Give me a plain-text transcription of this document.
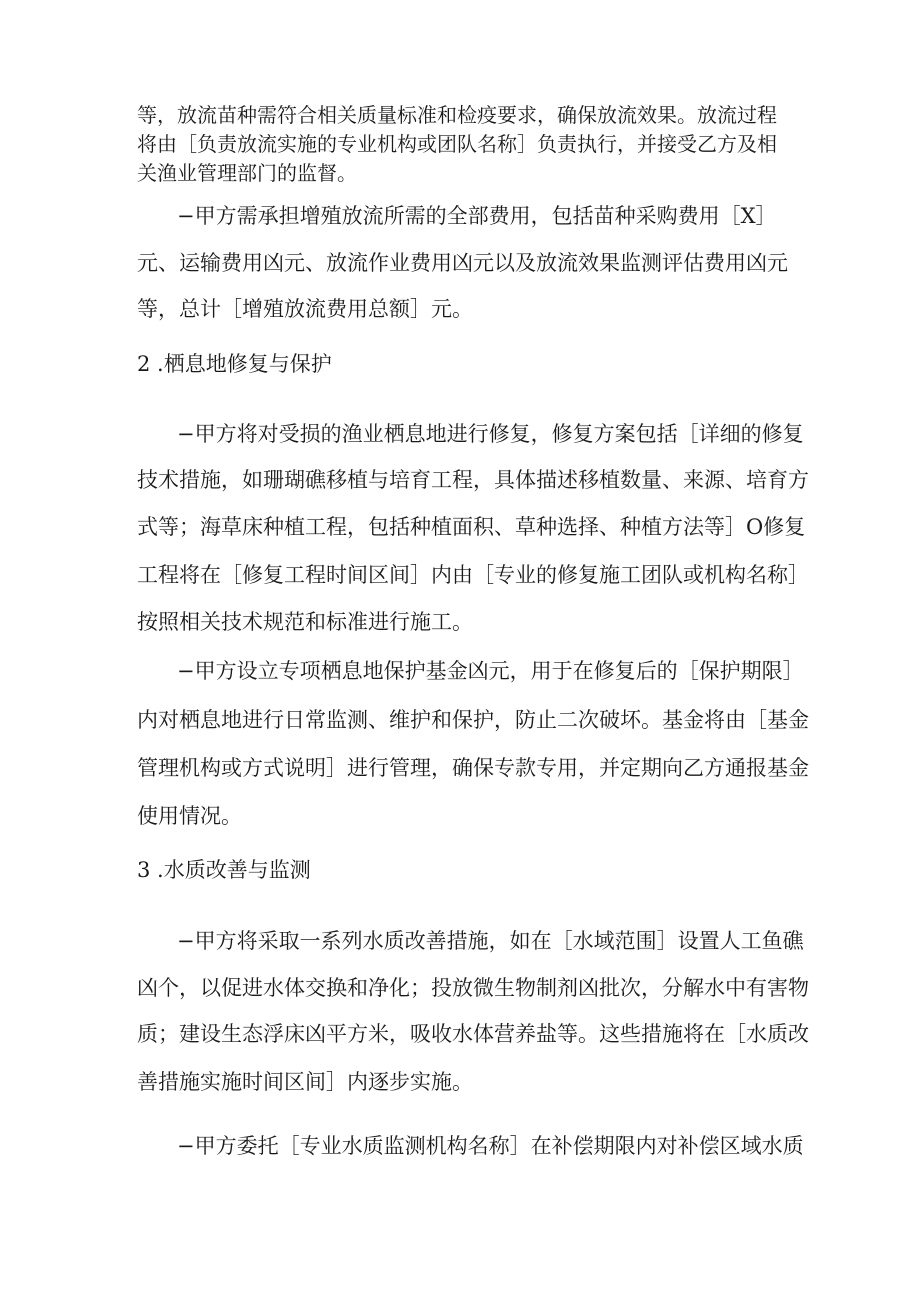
等，放流苗种需符合相关质量标准和检疫要求，确保放流效果。放流过程

将由［负责放流实施的专业机构或团队名称］负责执行，并接受乙方及相

关渔业管理部门的监督。

−甲方需承担增殖放流所需的全部费用，包括苗种采购费用［X］

元、运输费用凶元、放流作业费用凶元以及放流效果监测评估费用凶元

等，总计［增殖放流费用总额］元。

2 .栖息地修复与保护

−甲方将对受损的渔业栖息地进行修复，修复方案包括［详细的修复

技术措施，如珊瑚礁移植与培育工程，具体描述移植数量、来源、培育方

式等；海草床种植工程，包括种植面积、草种选择、种植方法等］O修复

工程将在［修复工程时间区间］内由［专业的修复施工团队或机构名称］

按照相关技术规范和标准进行施工。

−甲方设立专项栖息地保护基金凶元，用于在修复后的［保护期限］

内对栖息地进行日常监测、维护和保护，防止二次破坏。基金将由［基金

管理机构或方式说明］进行管理，确保专款专用，并定期向乙方通报基金

使用情况。

3 .水质改善与监测

−甲方将采取一系列水质改善措施，如在［水域范围］设置人工鱼礁

凶个，以促进水体交换和净化；投放微生物制剂凶批次，分解水中有害物

质；建设生态浮床凶平方米，吸收水体营养盐等。这些措施将在［水质改

善措施实施时间区间］内逐步实施。

−甲方委托［专业水质监测机构名称］在补偿期限内对补偿区域水质
